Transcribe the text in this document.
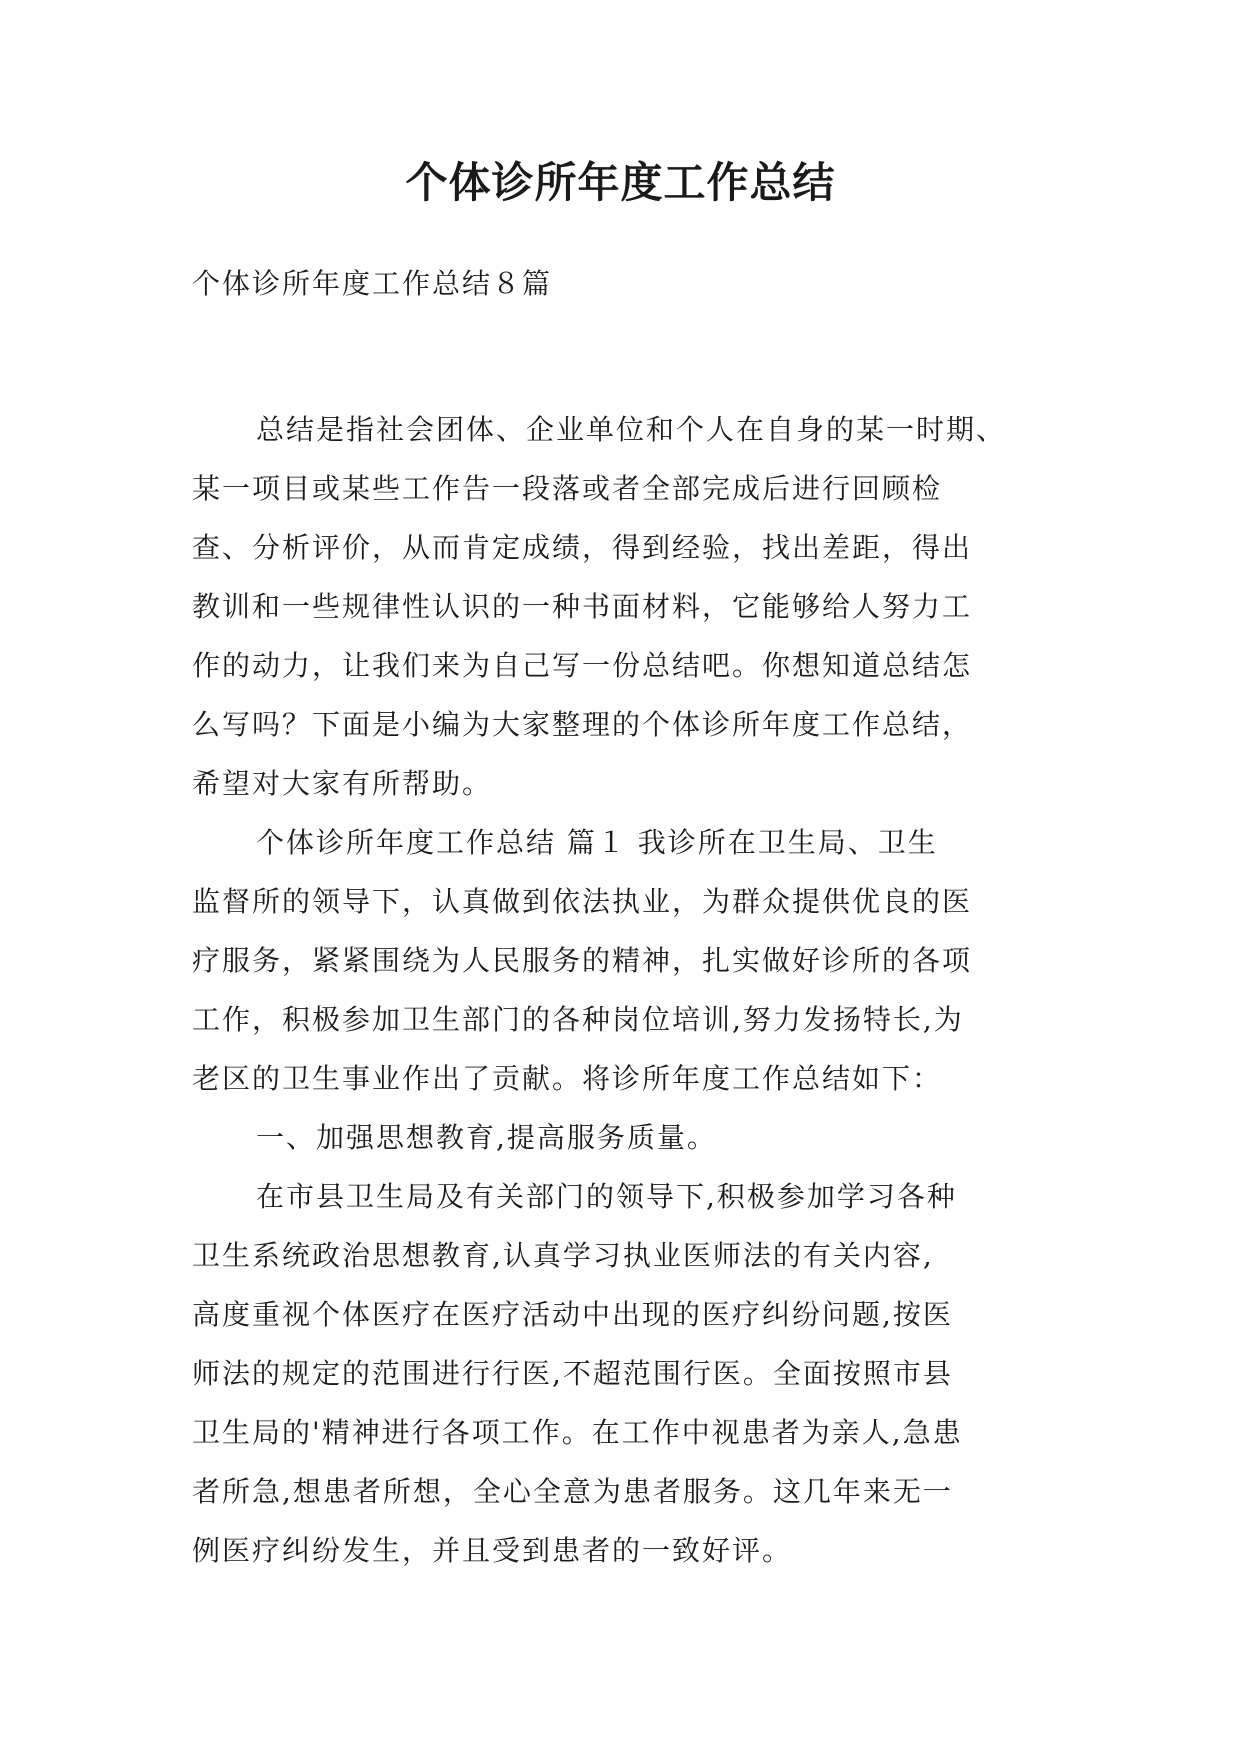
个体诊所年度工作总结
个体诊所年度工作总结８篇
总结是指社会团体、企业单位和个人在自身的某一时期、
某一项目或某些工作告一段落或者全部完成后进行回顾检
查、分析评价，从而肯定成绩，得到经验，找出差距，得出
教训和一些规律性认识的一种书面材料，它能够给人努力工
作的动力，让我们来为自己写一份总结吧。你想知道总结怎
么写吗？下面是小编为大家整理的个体诊所年度工作总结，
希望对大家有所帮助。
个体诊所年度工作总结 篇１ 我诊所在卫生局、卫生
监督所的领导下，认真做到依法执业，为群众提供优良的医
疗服务，紧紧围绕为人民服务的精神，扎实做好诊所的各项
工作，积极参加卫生部门的各种岗位培训,努力发扬特长,为
老区的卫生事业作出了贡献。将诊所年度工作总结如下：
一、加强思想教育,提高服务质量。
在市县卫生局及有关部门的领导下,积极参加学习各种
卫生系统政治思想教育,认真学习执业医师法的有关内容,
高度重视个体医疗在医疗活动中出现的医疗纠纷问题,按医
师法的规定的范围进行行医,不超范围行医。全面按照市县
卫生局的'精神进行各项工作。在工作中视患者为亲人,急患
者所急,想患者所想，全心全意为患者服务。这几年来无一
例医疗纠纷发生，并且受到患者的一致好评。
